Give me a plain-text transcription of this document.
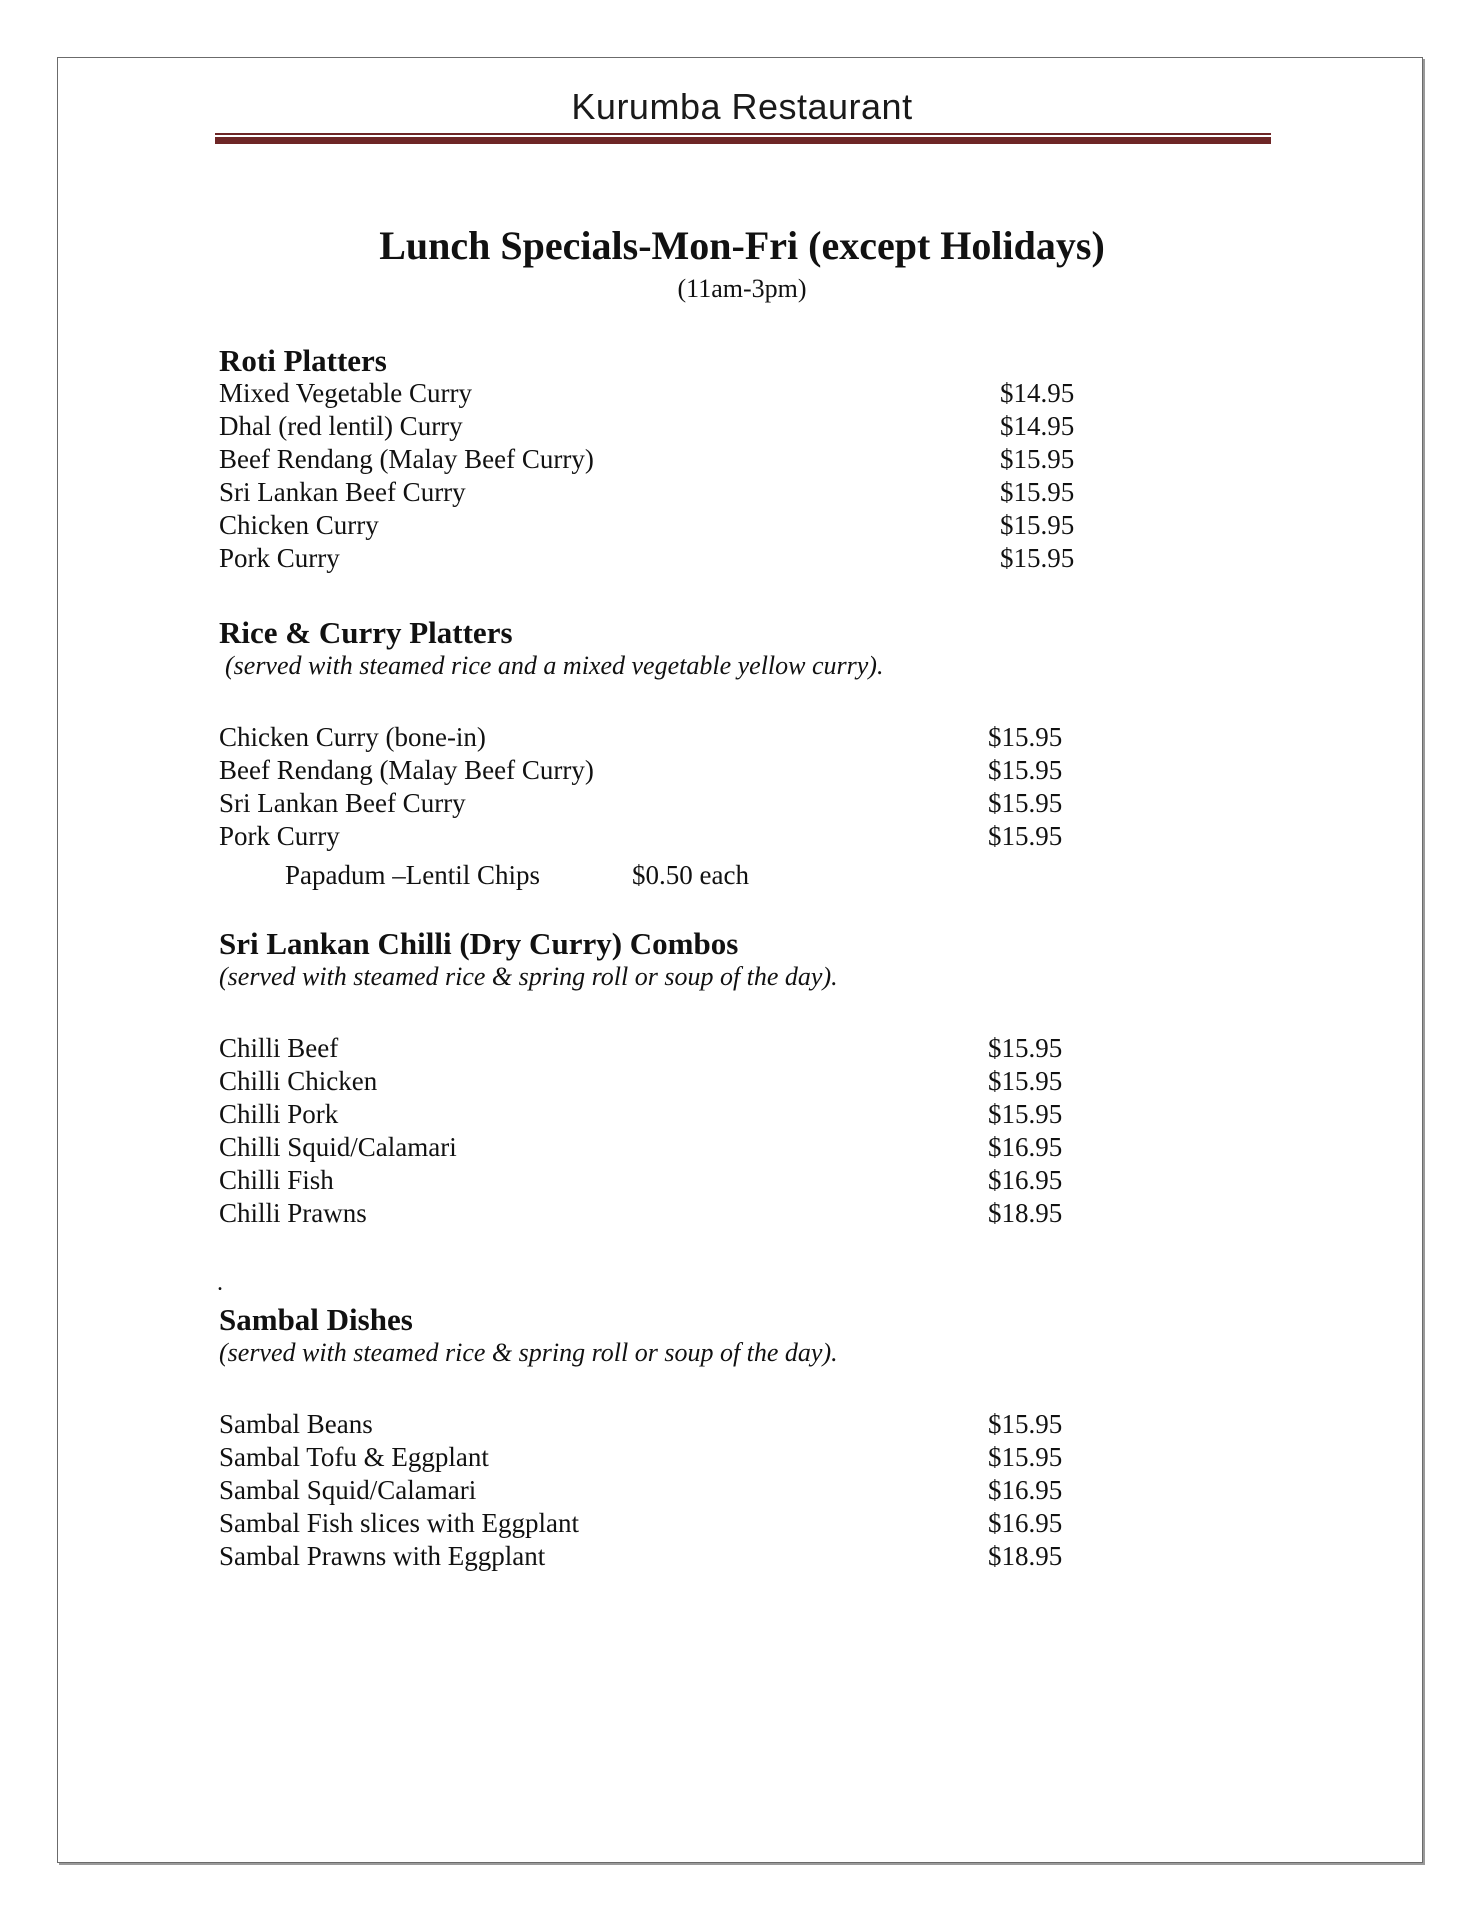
Kurumba Restaurant
Lunch Specials-Mon-Fri (except Holidays)
(11am-3pm)
Roti Platters
Mixed Vegetable Curry	$14.95
Dhal (red lentil) Curry	$14.95
Beef Rendang (Malay Beef Curry)	$15.95
Sri Lankan Beef Curry	$15.95
Chicken Curry	$15.95
Pork Curry	$15.95
Rice & Curry Platters
(served with steamed rice and a mixed vegetable yellow curry).
Chicken Curry (bone-in)	$15.95
Beef Rendang (Malay Beef Curry)	$15.95
Sri Lankan Beef Curry	$15.95
Pork Curry	$15.95
Papadum –Lentil Chips	$0.50 each
Sri Lankan Chilli (Dry Curry) Combos
(served with steamed rice & spring roll or soup of the day).
Chilli Beef	$15.95
Chilli Chicken	$15.95
Chilli Pork	$15.95
Chilli Squid/Calamari	$16.95
Chilli Fish	$16.95
Chilli Prawns	$18.95
.
Sambal Dishes
(served with steamed rice & spring roll or soup of the day).
Sambal Beans	$15.95
Sambal Tofu & Eggplant	$15.95
Sambal Squid/Calamari	$16.95
Sambal Fish slices with Eggplant	$16.95
Sambal Prawns with Eggplant	$18.95
